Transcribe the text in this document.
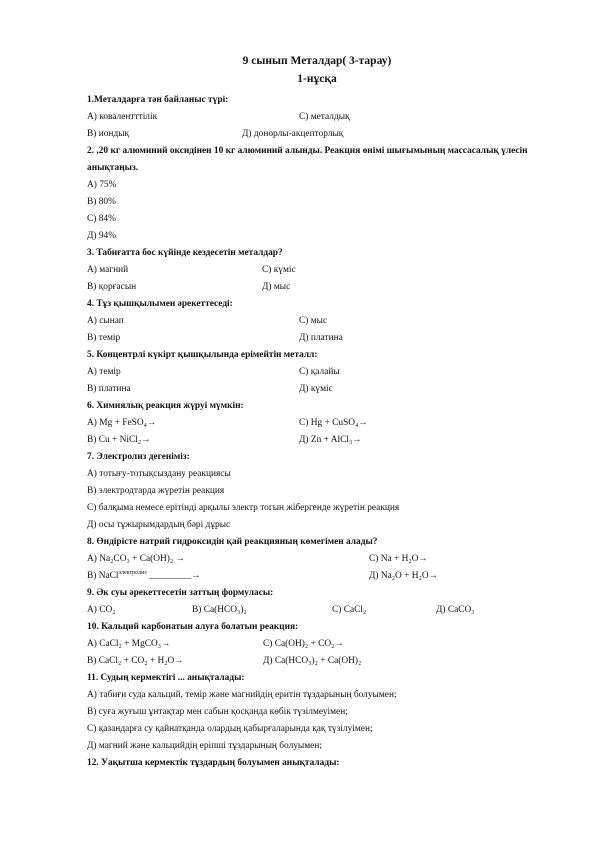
9 сынып Металдар( 3-тарау)

1-нұсқа

1.Металдарға тән байланыс түрі:

А) ковалентттілік	С) металдық
В) иондық	Д) донорлы-акцепторлық

2. ,20 кг алюминий оксидінен 10 кг алюминий алынды. Реакция өнімі шығымының массасалық үлесін анықтаңыз.

А) 75%

В) 80%

С) 84%

Д) 94%

3. Табиғатта бос күйінде кездесетін металдар?

А) магний	С) күміс
В) қорғасын	Д) мыс

4. Тұз қышқылымен әрекеттеседі:

А) сынап	С) мыс
В) темір	Д) платина

5. Концентрлі күкірт қышқылында ерімейтін металл:

А) темір	С) қалайы
В) платина	Д) күміс

6. Химиялық реакция жүруі мүмкін:

А) Mg + FeSO₄→	С) Hg + CuSO₄→
В) Cu + NiCl₂→	Д) Zn + AlCl₃→

7. Электролиз дегеніміз:

А) тотығу-тотықсыздану реакциясы

В) электродтарда жүретін реакция

С) балқыма немесе ерітінді арқылы электр тогын жібергенде жүретін реакция

Д) осы тұжырымдардың бәрі дұрыс

8. Өндірісте натрий гидроксидін қай реакцияның көмегімен алады?

А) Na₂CO₃ + Ca(OH)₂ →	С) Na + H₂O→
В) NaCl$^{электролиз}$ _________→	Д) Na₂O + H₂O→

9. Әк суы әрекеттесетін заттың формуласы:

А) CO₂	В) Ca(HCO₃)₂	С) CaCl₂	Д) CaCO₃

10. Кальций карбонатын алуға болатын реакция:

А) CaCl₂ + MgCO₃→	С) Ca(OH)₂ + CO₂→
В) CaCl₂ + CO₂ + H₂O→	Д) Ca(HCO₃)₂ + Ca(OH)₂

11. Судың кермектігі ... анықталады:

А) табиғи суда кальций, темір және магнийдің еритін тұздарының болуымен;

В) суға жуғыш ұнтақтар мен сабын қосқанда көбік түзілмеуімен;

С) қазандарға су қайнатқанда олардың қабырғаларында қақ түзілуімен;

Д) магний және кальцийдің еріпшi тұздарының болуымен;

12. Уақытша кермектік тұздардың болуымен анықталады:
